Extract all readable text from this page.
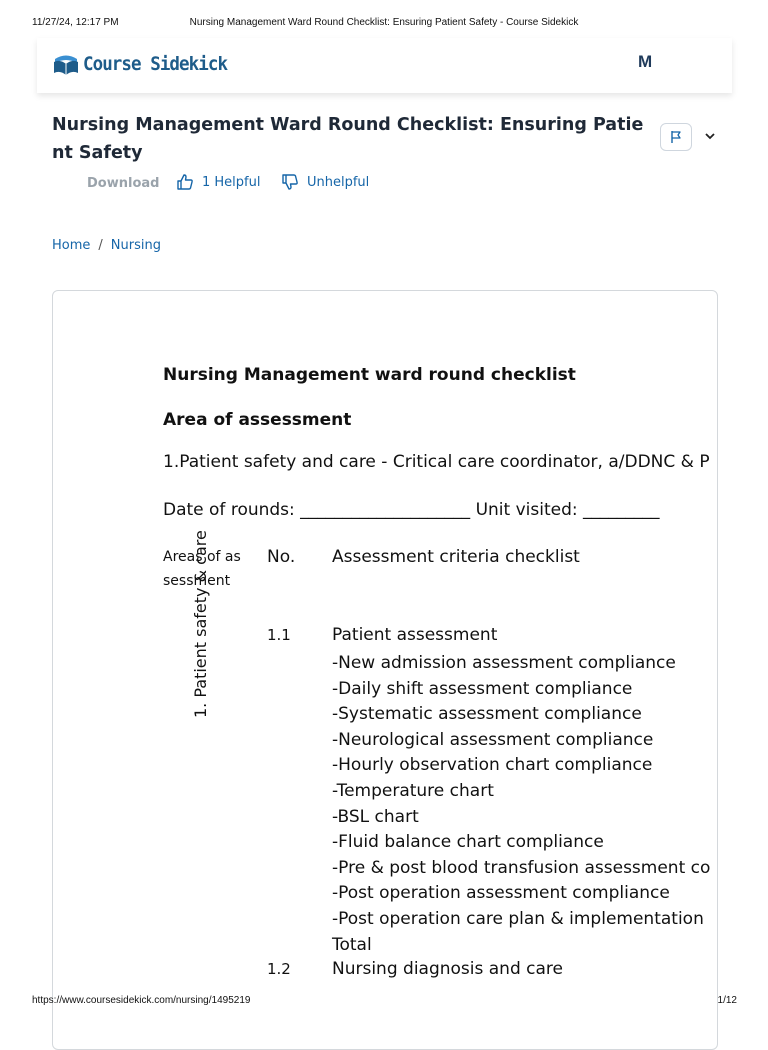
11/27/24, 12:17 PM	Nursing Management Ward Round Checklist: Ensuring Patient Safety - Course Sidekick
Course Sidekick	M
Nursing Management Ward Round Checklist: Ensuring Patient Safety
Download	1 Helpful	Unhelpful
Home / Nursing
Nursing Management ward round checklist
Area of assessment
1.Patient safety and care - Critical care coordinator, a/DDNC & P
Date of rounds: ____________________ Unit visited: _________
Areas of assessment
No. Assessment criteria checklist
1. Patient safety & care	1.1 Patient assessment
-New admission assessment compliance
-Daily shift assessment compliance
-Systematic assessment compliance
-Neurological assessment compliance
-Hourly observation chart compliance
-Temperature chart
-BSL chart
-Fluid balance chart compliance
-Pre & post blood transfusion assessment co
-Post operation assessment compliance
-Post operation care plan & implementation
Total
1.2 Nursing diagnosis and care
https://www.coursesidekick.com/nursing/1495219	1/12
